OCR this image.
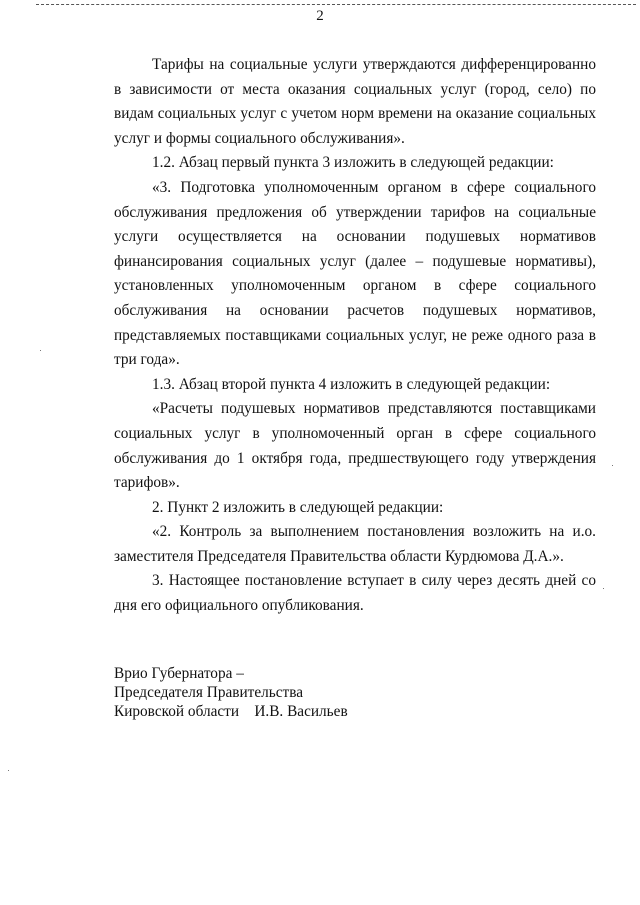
2

Тарифы на социальные услуги утверждаются дифференцированно в зависимости от места оказания социальных услуг (город, село) по видам социальных услуг с учетом норм времени на оказание социальных услуг и формы социального обслуживания».

1.2. Абзац первый пункта 3 изложить в следующей редакции:

«3. Подготовка уполномоченным органом в сфере социального обслуживания предложения об утверждении тарифов на социальные услуги осуществляется на основании подушевых нормативов финансирования социальных услуг (далее – подушевые нормативы), установленных уполномоченным органом в сфере социального обслуживания на основании расчетов подушевых нормативов, представляемых поставщиками социальных услуг, не реже одного раза в три года».

1.3. Абзац второй пункта 4 изложить в следующей редакции:

«Расчеты подушевых нормативов представляются поставщиками социальных услуг в уполномоченный орган в сфере социального обслуживания до 1 октября года, предшествующего году утверждения тарифов».

2. Пункт 2 изложить в следующей редакции:

«2. Контроль за выполнением постановления возложить на и.о. заместителя Председателя Правительства области Курдюмова Д.А.».

3. Настоящее постановление вступает в силу через десять дней со дня его официального опубликования.

Врио Губернатора –
Председателя Правительства
Кировской области    И.В. Васильев
